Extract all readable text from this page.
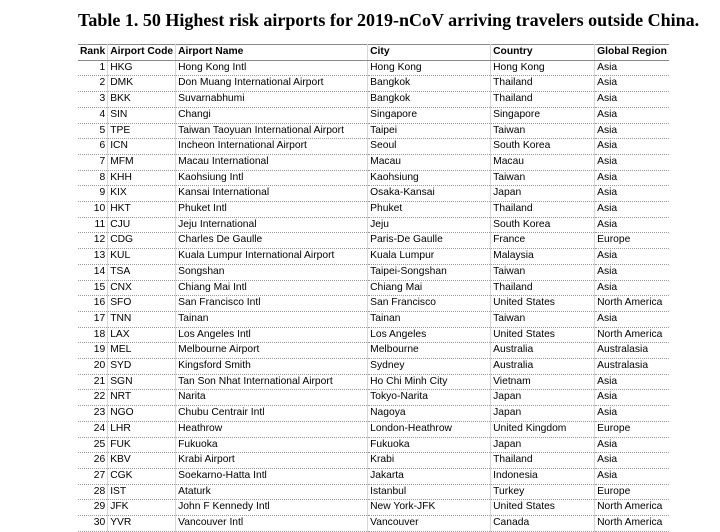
Table 1. 50 Highest risk airports for 2019-nCoV arriving travelers outside China.
Rank	Airport Code	Airport Name	City	Country	Global Region
1	HKG	Hong Kong Intl	Hong Kong	Hong Kong	Asia
2	DMK	Don Muang International Airport	Bangkok	Thailand	Asia
3	BKK	Suvarnabhumi	Bangkok	Thailand	Asia
4	SIN	Changi	Singapore	Singapore	Asia
5	TPE	Taiwan Taoyuan International Airport	Taipei	Taiwan	Asia
6	ICN	Incheon International Airport	Seoul	South Korea	Asia
7	MFM	Macau International	Macau	Macau	Asia
8	KHH	Kaohsiung Intl	Kaohsiung	Taiwan	Asia
9	KIX	Kansai International	Osaka-Kansai	Japan	Asia
10	HKT	Phuket Intl	Phuket	Thailand	Asia
11	CJU	Jeju International	Jeju	South Korea	Asia
12	CDG	Charles De Gaulle	Paris-De Gaulle	France	Europe
13	KUL	Kuala Lumpur International Airport	Kuala Lumpur	Malaysia	Asia
14	TSA	Songshan	Taipei-Songshan	Taiwan	Asia
15	CNX	Chiang Mai Intl	Chiang Mai	Thailand	Asia
16	SFO	San Francisco Intl	San Francisco	United States	North America
17	TNN	Tainan	Tainan	Taiwan	Asia
18	LAX	Los Angeles Intl	Los Angeles	United States	North America
19	MEL	Melbourne Airport	Melbourne	Australia	Australasia
20	SYD	Kingsford Smith	Sydney	Australia	Australasia
21	SGN	Tan Son Nhat International Airport	Ho Chi Minh City	Vietnam	Asia
22	NRT	Narita	Tokyo-Narita	Japan	Asia
23	NGO	Chubu Centrair Intl	Nagoya	Japan	Asia
24	LHR	Heathrow	London-Heathrow	United Kingdom	Europe
25	FUK	Fukuoka	Fukuoka	Japan	Asia
26	KBV	Krabi Airport	Krabi	Thailand	Asia
27	CGK	Soekarno-Hatta Intl	Jakarta	Indonesia	Asia
28	IST	Ataturk	Istanbul	Turkey	Europe
29	JFK	John F Kennedy Intl	New York-JFK	United States	North America
30	YVR	Vancouver Intl	Vancouver	Canada	North America
